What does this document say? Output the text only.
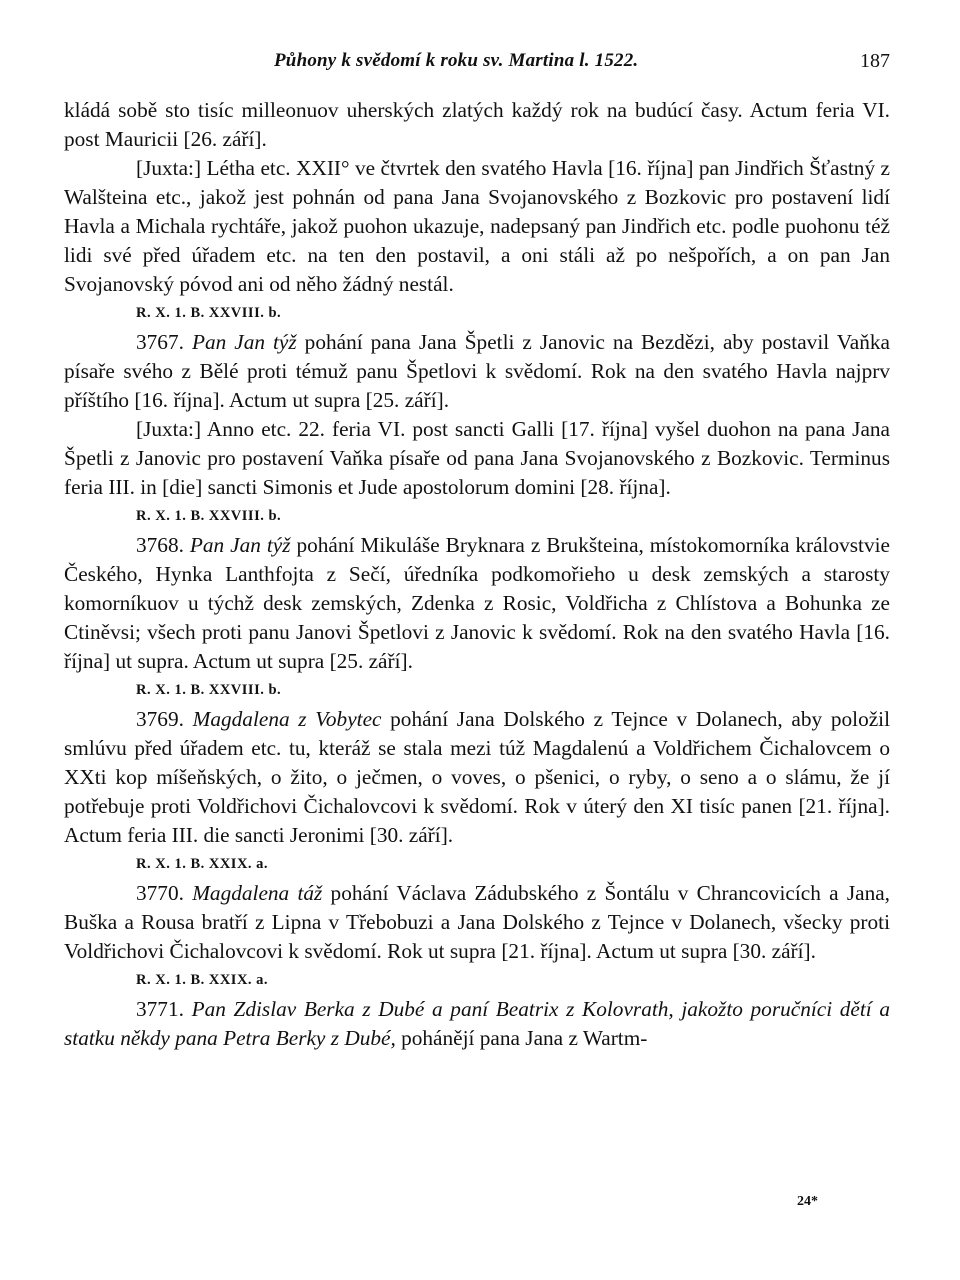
Půhony k svědomí k roku sv. Martina l. 1522.	187

kládá sobě sto tisíc milleonuov uherských zlatých každý rok na budúcí časy. Actum feria VI. post Mauricii [26. září].

[Juxta:] Létha etc. XXII° ve čtvrtek den svatého Havla [16. října] pan Jindřich Šťastný z Walšteina etc., jakož jest pohnán od pana Jana Svojanovského z Bozkovic pro postavení lidí Havla a Michala rychtáře, jakož puohon ukazuje, nadepsaný pan Jindřich etc. podle puohonu též lidi své před úřadem etc. na ten den postavil, a oni stáli až po nešpořích, a on pan Jan Svojanovský póvod ani od něho žádný nestál.

R. X. 1. B. XXVIII. b.

3767. Pan Jan týž pohání pana Jana Špetli z Janovic na Bezdězi, aby postavil Vaňka písaře svého z Bělé proti témuž panu Špetlovi k svědomí. Rok na den svatého Havla najprv příštího [16. října]. Actum ut supra [25. září].

[Juxta:] Anno etc. 22. feria VI. post sancti Galli [17. října] vyšel duohon na pana Jana Špetli z Janovic pro postavení Vaňka písaře od pana Jana Svojanovského z Bozkovic. Terminus feria III. in [die] sancti Simonis et Jude apostolorum domini [28. října].

R. X. 1. B. XXVIII. b.

3768. Pan Jan týž pohání Mikuláše Bryknara z Brukšteina, místokomorníka královstvie Českého, Hynka Lanthfojta z Sečí, úředníka podkomořieho u desk zemských a starosty komorníkuov u týchž desk zemských, Zdenka z Rosic, Voldřicha z Chlístova a Bohunka ze Ctiněvsi; všech proti panu Janovi Špetlovi z Janovic k svědomí. Rok na den svatého Havla [16. října] ut supra. Actum ut supra [25. září].

R. X. 1. B. XXVIII. b.

3769. Magdalena z Vobytec pohání Jana Dolského z Tejnce v Dolanech, aby položil smlúvu před úřadem etc. tu, kteráž se stala mezi túž Magdalenú a Voldřichem Čichalovcem o XXti kop míšeňských, o žito, o ječmen, o voves, o pšenici, o ryby, o seno a o slámu, že jí potřebuje proti Voldřichovi Čichalovcovi k svědomí. Rok v úterý den XI tisíc panen [21. října]. Actum feria III. die sancti Jeronimi [30. září].

R. X. 1. B. XXIX. a.

3770. Magdalena táž pohání Václava Zádubského z Šontálu v Chrancovicích a Jana, Buška a Rousa bratří z Lipna v Třebobuzi a Jana Dolského z Tejnce v Dolanech, všecky proti Voldřichovi Čichalovcovi k svědomí. Rok ut supra [21. října]. Actum ut supra [30. září].

R. X. 1. B. XXIX. a.

3771. Pan Zdislav Berka z Dubé a paní Beatrix z Kolovrath, jakožto poručníci dětí a statku někdy pana Petra Berky z Dubé, pohánějí pana Jana z Wartm-

24*
